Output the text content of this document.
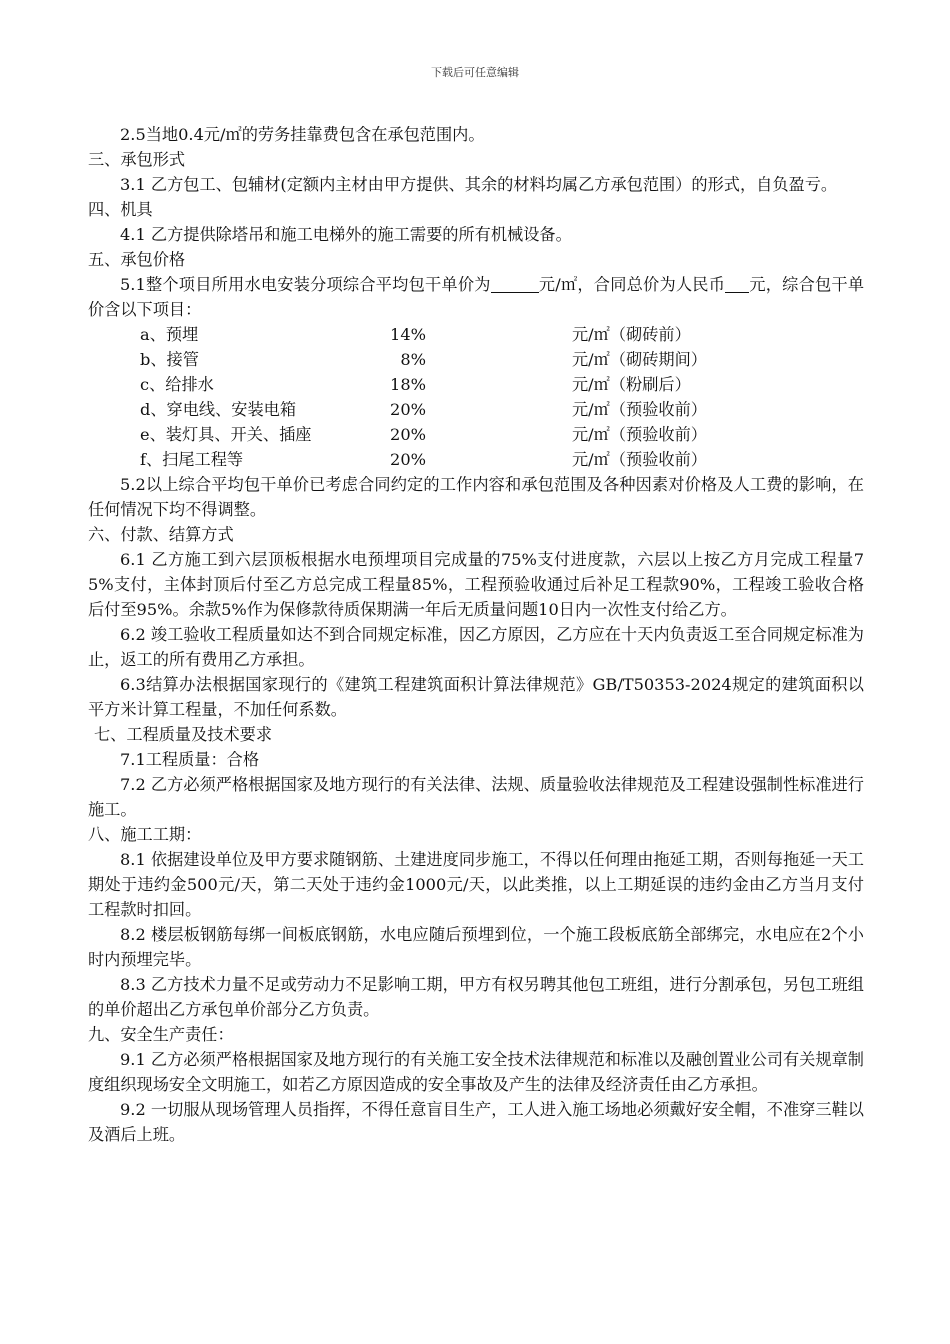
下载后可任意编辑

2.5当地0.4元/㎡的劳务挂靠费包含在承包范围内。

三、承包形式

3.1 乙方包工、包辅材(定额内主材由甲方提供、其余的材料均属乙方承包范围）的形式，自负盈亏。

四、机具

4.1 乙方提供除塔吊和施工电梯外的施工需要的所有机械设备。

五、承包价格

5.1整个项目所用水电安装分项综合平均包干单价为	元/㎡，合同总价为人民币 元，综合包干单价含以下项目：

a、预埋	14%	元/㎡（砌砖前）
b、接管	8%	元/㎡（砌砖期间）
c、给排水	18%	元/㎡（粉刷后）
d、穿电线、安装电箱	20%	元/㎡（预验收前）
e、装灯具、开关、插座	20%	元/㎡（预验收前）
f、扫尾工程等	20%	元/㎡（预验收前）

5.2以上综合平均包干单价已考虑合同约定的工作内容和承包范围及各种因素对价格及人工费的影响，在任何情况下均不得调整。

六、付款、结算方式

6.1 乙方施工到六层顶板根据水电预埋项目完成量的75%支付进度款，六层以上按乙方月完成工程量75%支付，主体封顶后付至乙方总完成工程量85%，工程预验收通过后补足工程款90%，工程竣工验收合格后付至95%。余款5%作为保修款待质保期满一年后无质量问题10日内一次性支付给乙方。

6.2 竣工验收工程质量如达不到合同规定标准，因乙方原因，乙方应在十天内负责返工至合同规定标准为止，返工的所有费用乙方承担。

6.3结算办法根据国家现行的《建筑工程建筑面积计算法律规范》GB/T50353-2024规定的建筑面积以平方米计算工程量，不加任何系数。

七、工程质量及技术要求

7.1工程质量：合格

7.2 乙方必须严格根据国家及地方现行的有关法律、法规、质量验收法律规范及工程建设强制性标准进行施工。

八、施工工期：

8.1 依据建设单位及甲方要求随钢筋、土建进度同步施工，不得以任何理由拖延工期，否则每拖延一天工期处于违约金500元/天，第二天处于违约金1000元/天，以此类推，以上工期延误的违约金由乙方当月支付工程款时扣回。

8.2 楼层板钢筋每绑一间板底钢筋，水电应随后预埋到位，一个施工段板底筋全部绑完，水电应在2个小时内预埋完毕。

8.3 乙方技术力量不足或劳动力不足影响工期，甲方有权另聘其他包工班组，进行分割承包，另包工班组的单价超出乙方承包单价部分乙方负责。

九、安全生产责任：

9.1 乙方必须严格根据国家及地方现行的有关施工安全技术法律规范和标准以及融创置业公司有关规章制度组织现场安全文明施工，如若乙方原因造成的安全事故及产生的法律及经济责任由乙方承担。

9.2 一切服从现场管理人员指挥，不得任意盲目生产，工人进入施工场地必须戴好安全帽，不准穿三鞋以及酒后上班。
